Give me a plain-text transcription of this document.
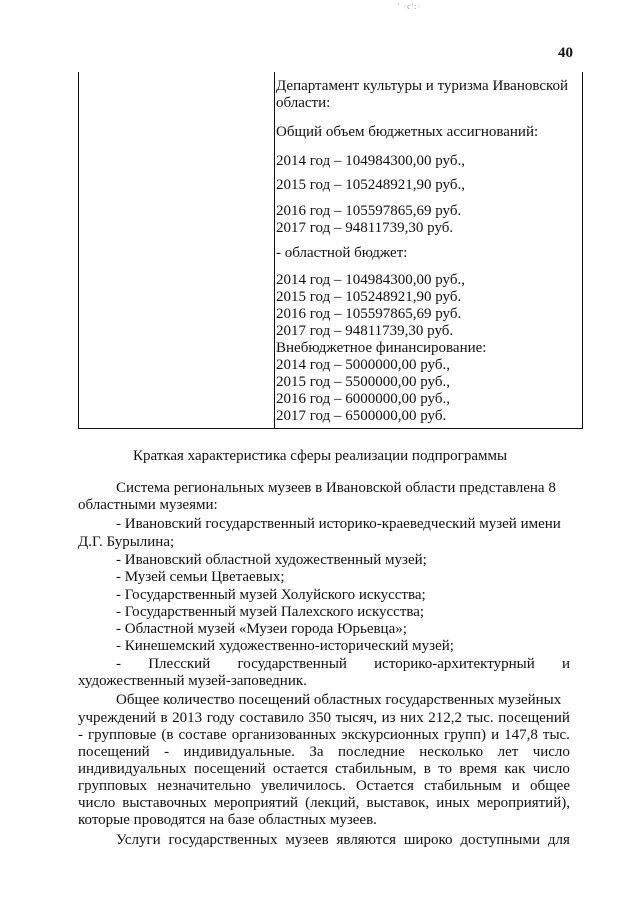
' ·с':·
40
Департамент культуры и туризма Ивановской
области:
Общий объем бюджетных ассигнований:
2014 год – 104984300,00 руб.,
2015 год – 105248921,90 руб.,
2016 год – 105597865,69 руб.
2017 год – 94811739,30 руб.
- областной бюджет:
2014 год – 104984300,00 руб.,
2015 год – 105248921,90 руб.
2016 год – 105597865,69 руб.
2017 год – 94811739,30 руб.
Внебюджетное финансирование:
2014 год – 5000000,00 руб.,
2015 год – 5500000,00 руб.,
2016 год – 6000000,00 руб.,
2017 год – 6500000,00 руб.
Краткая характеристика сферы реализации подпрограммы
Система региональных музеев в Ивановской области представлена 8
областными музеями:
- Ивановский государственный историко-краеведческий музей имени
Д.Г. Бурылина;
- Ивановский областной художественный музей;
- Музей семьи Цветаевых;
- Государственный музей Холуйского искусства;
- Государственный музей Палехского искусства;
- Областной музей «Музеи города Юрьевца»;
- Кинешемский художественно-исторический музей;
- Плесский государственный историко-архитектурный и
художественный музей-заповедник.
Общее количество посещений областных государственных музейных
учреждений в 2013 году составило 350 тысяч, из них 212,2 тыс. посещений
- групповые (в составе организованных экскурсионных групп) и 147,8 тыс.
посещений - индивидуальные. За последние несколько лет число
индивидуальных посещений остается стабильным, в то время как число
групповых незначительно увеличилось. Остается стабильным и общее
число выставочных мероприятий (лекций, выставок, иных мероприятий),
которые проводятся на базе областных музеев.
Услуги государственных музеев являются широко доступными для
